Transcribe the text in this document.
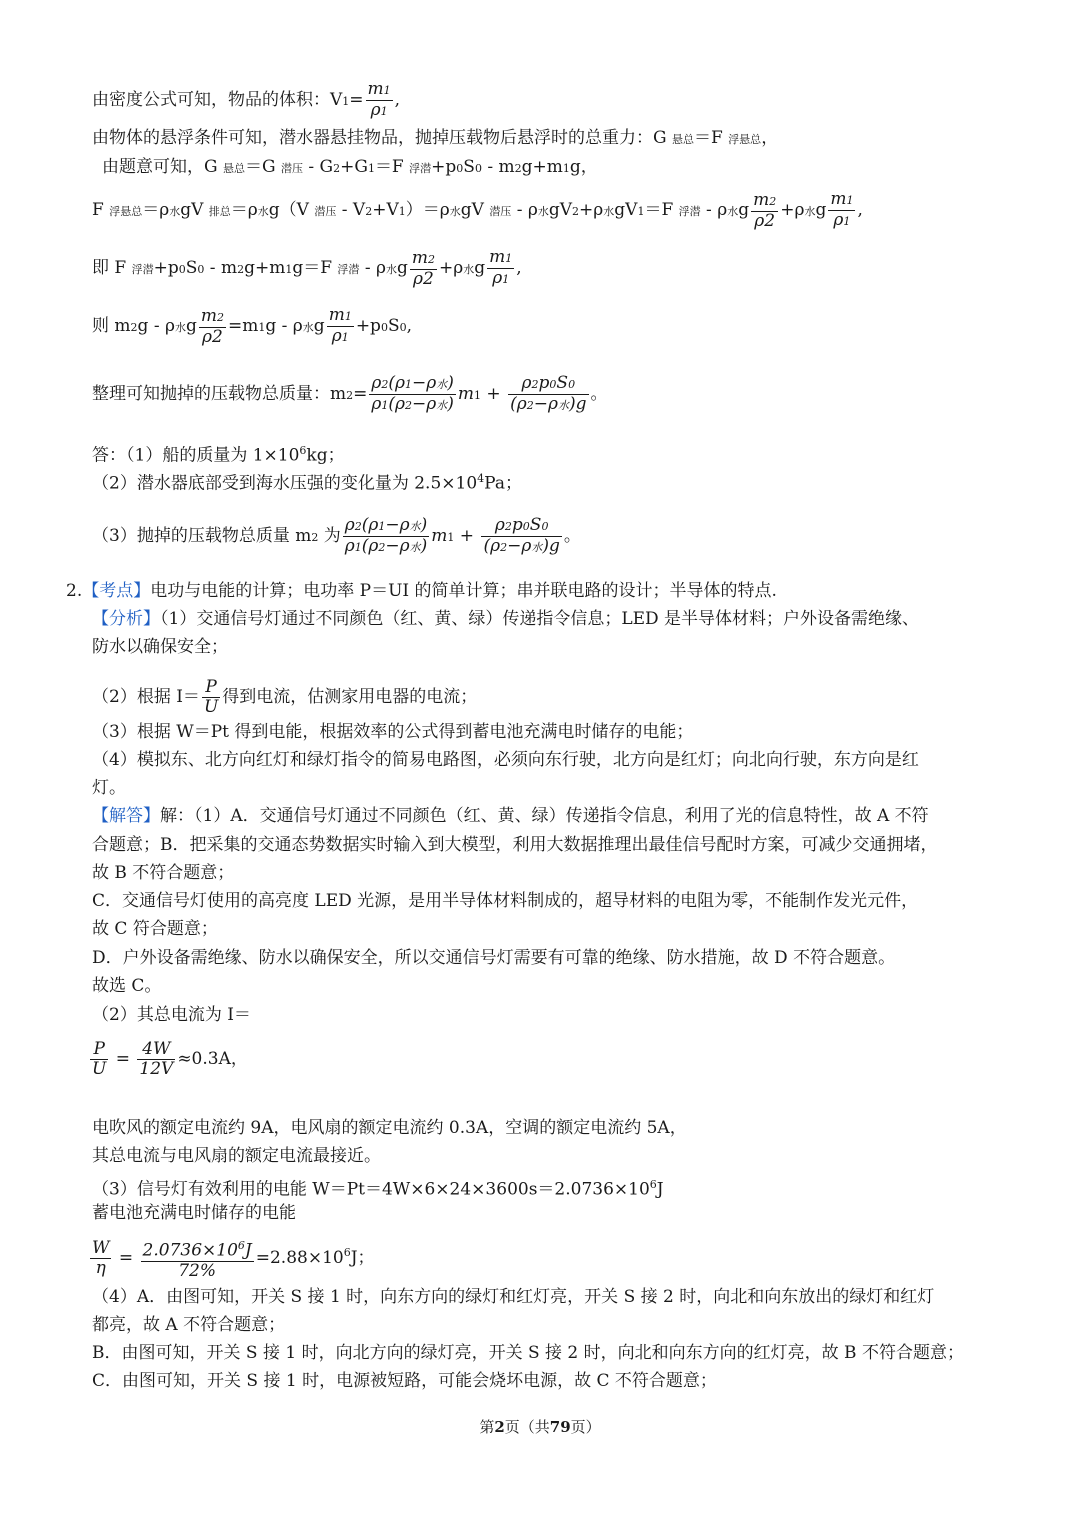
由密度公式可知，物品的体积：$V1= \frac{m1}{\rho 1}$ ,
由物体的悬浮条件可知，潜水器悬挂物品，抛掉压载物后悬浮时的总重力：G 悬总＝F 浮悬总，
由题意可知，G 悬总＝G 潜压 - G2+G1＝F 浮潜+p0S0 - m2g+m1g，
F 浮悬总＝ρ水gV 排总＝ρ水g（V 潜压 - V2+V1）＝ρ水gV 潜压 - ρ水gV2+ρ水gV1＝F 浮潜 - ρ水g $\frac{m2}{\rho 2} +\rho$水g $\frac{m1}{\rho 1}$ ,
即 F 浮潜+p0S0 - m2g+m1g＝F 浮潜 - ρ水g $\frac{m2}{\rho 2} +\rho$水g $\frac{m1}{\rho 1}$ ,
则 m2g - ρ水g $\frac{m2}{\rho 2} =m1g - \rho$水g $\frac{m1}{\rho 1} +p0S0$,
整理可知抛掉的压载物总质量：$m2= \frac{\text{ρ2(ρ1−ρ水)}}{\text{ρ1(ρ2−ρ水)}} m1 + \frac{\rho 2p0S0}{\text{(ρ2−ρ水)g}}$ 。
答：（1）船的质量为 $1\times 10^6kg$；
（2）潜水器底部受到海水压强的变化量为 $2.5\times 10^4Pa$；
（3）抛掉的压载物总质量 m2 为 $\frac{\text{ρ2(ρ1−ρ水)}}{\text{ρ1(ρ2−ρ水)}} m1 + \frac{\rho 2p0S0}{\text{(ρ2−ρ水)g}}$ 。
2.【考点】电功与电能的计算；电功率 P＝UI 的简单计算；串并联电路的设计；半导体的特点.
【分析】（1）交通信号灯通过不同颜色（红、黄、绿）传递指令信息；LED 是半导体材料；户外设备需绝缘、
防水以确保安全；
（2）根据 $I= \frac{P}{U}$ 得到电流，估测家用电器的电流；
（3）根据 W＝Pt 得到电能，根据效率的公式得到蓄电池充满电时储存的电能；
（4）模拟东、北方向红灯和绿灯指令的简易电路图，必须向东行驶，北方向是红灯；向北向行驶，东方向是红
灯。
【解答】解：（1）A．交通信号灯通过不同颜色（红、黄、绿）传递指令信息，利用了光的信息特性，故 A 不符
合题意；B．把采集的交通态势数据实时输入到大模型，利用大数据推理出最佳信号配时方案，可减少交通拥堵，
故 B 不符合题意；
C．交通信号灯使用的高亮度 LED 光源，是用半导体材料制成的，超导材料的电阻为零，不能制作发光元件，
故 C 符合题意；
D．户外设备需绝缘、防水以确保安全，所以交通信号灯需要有可靠的绝缘、防水措施，故 D 不符合题意。
故选 C。
（2）其总电流为 I＝
$\frac{P}{U} = \frac{4W}{12V} \approx 0.3A$，
电吹风的额定电流约 9A，电风扇的额定电流约 0.3A，空调的额定电流约 5A，
其总电流与电风扇的额定电流最接近。
（3）信号灯有效利用的电能 $W=Pt=4W\times 6\times 24\times 3600s=2.0736\times 10^6J$
蓄电池充满电时储存的电能
$\frac{W}{\eta} = \frac{2.0736\times 10^6J}{72\%} =2.88\times 10^6J$；
（4）A．由图可知，开关 S 接 1 时，向东方向的绿灯和红灯亮，开关 S 接 2 时，向北和向东放出的绿灯和红灯
都亮，故 A 不符合题意；
B．由图可知，开关 S 接 1 时，向北方向的绿灯亮，开关 S 接 2 时，向北和向东方向的红灯亮，故 B 不符合题意；
C．由图可知，开关 S 接 1 时，电源被短路，可能会烧坏电源，故 C 不符合题意；
第2页（共79页）
